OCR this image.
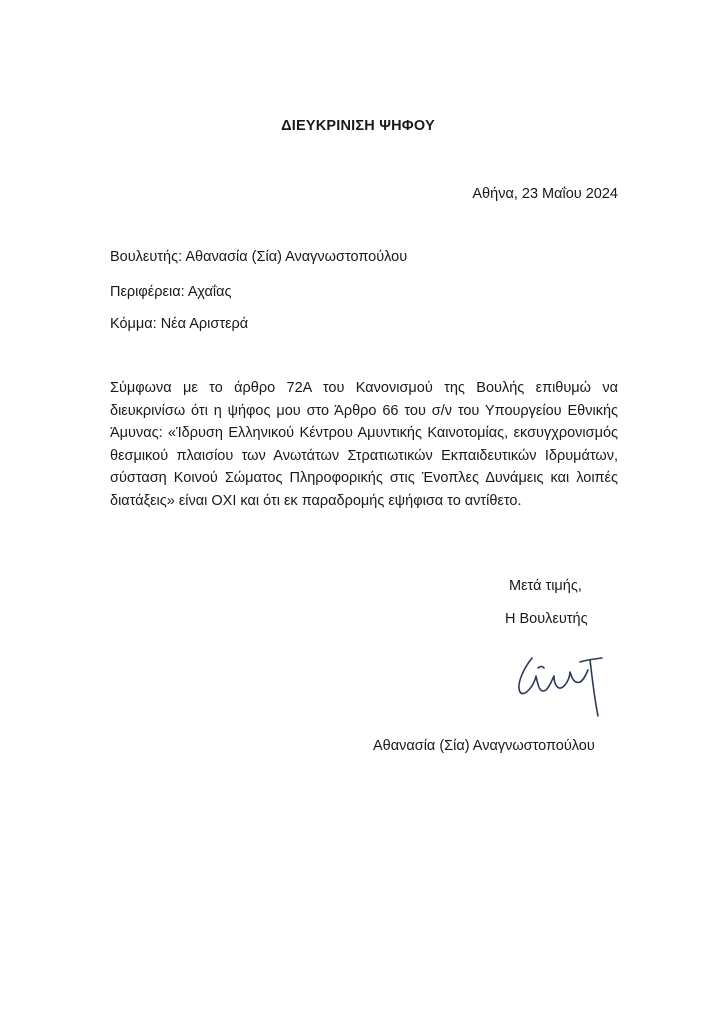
ΔΙΕΥΚΡΙΝΙΣΗ ΨΗΦΟΥ
Αθήνα, 23 Μαΐου 2024
Βουλευτής: Αθανασία (Σία) Αναγνωστοπούλου
Περιφέρεια: Αχαΐας
Κόμμα: Νέα Αριστερά

Σύμφωνα με το άρθρο 72Α του Κανονισμού της Βουλής επιθυμώ να διευκρινίσω ότι η ψήφος μου στο Άρθρο 66 του σ/ν του Υπουργείου Εθνικής Άμυνας: «Ίδρυση Ελληνικού Κέντρου Αμυντικής Καινοτομίας, εκσυγχρονισμός θεσμικού πλαισίου των Ανωτάτων Στρατιωτικών Εκπαιδευτικών Ιδρυμάτων, σύσταση Κοινού Σώματος Πληροφορικής στις Ένοπλες Δυνάμεις και λοιπές διατάξεις» είναι ΟΧΙ και ότι εκ παραδρομής εψήφισα το αντίθετο.

Μετά τιμής,
Η Βουλευτής
Αθανασία (Σία) Αναγνωστοπούλου
